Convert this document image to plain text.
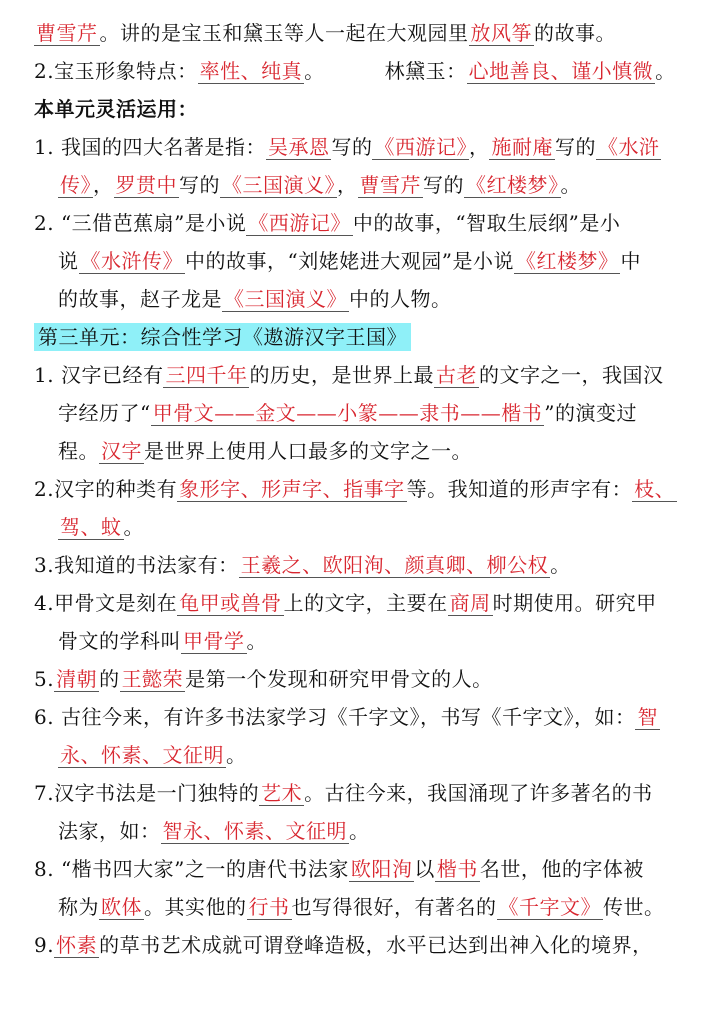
曹雪芹 。讲的是宝玉和黛玉等人一起在大观园里 放风筝 的故事。
2.宝玉形象特点： 率性、纯真 。	林黛玉： 心地善良、谨小慎微 。
本单元灵活运用：
1. 我国的四大名著是指： 吴承恩 写的 《西游记》 ， 施耐庵 写的 《水浒
传》 ， 罗贯中 写的 《三国演义》 ， 曹雪芹 写的 《红楼梦》 。
2. “三借芭蕉扇”是小说 《西游记》 中的故事，“智取生辰纲”是小
说 《水浒传》 中的故事，“刘姥姥进大观园”是小说 《红楼梦》 中
的故事，赵子龙是 《三国演义》 中的人物。
第三单元：综合性学习《遨游汉字王国》
1. 汉字已经有 三四千年 的历史，是世界上最 古老 的文字之一，我国汉
字经历了“ 甲骨文——金文——小篆——隶书——楷书 ”的演变过
程。 汉字 是世界上使用人口最多的文字之一。
2.汉字的种类有 象形字、形声字、指事字 等。我知道的形声字有： 枝、
驾、蚊 。
3.我知道的书法家有： 王羲之、欧阳洵、颜真卿、柳公权 。
4.甲骨文是刻在 龟甲或兽骨 上的文字，主要在 商周 时期使用。研究甲
骨文的学科叫 甲骨学 。
5. 清朝 的 王懿荣 是第一个发现和研究甲骨文的人。
6. 古往今来，有许多书法家学习《千字文》，书写《千字文》，如： 智
永、怀素、文征明 。
7.汉字书法是一门独特的 艺术 。古往今来，我国涌现了许多著名的书
法家，如： 智永、怀素、文征明 。
8. “楷书四大家”之一的唐代书法家 欧阳洵 以 楷书 名世，他的字体被
称为 欧体 。其实他的 行书 也写得很好，有著名的 《千字文》 传世。
9. 怀素 的草书艺术成就可谓登峰造极，水平已达到出神入化的境界，
